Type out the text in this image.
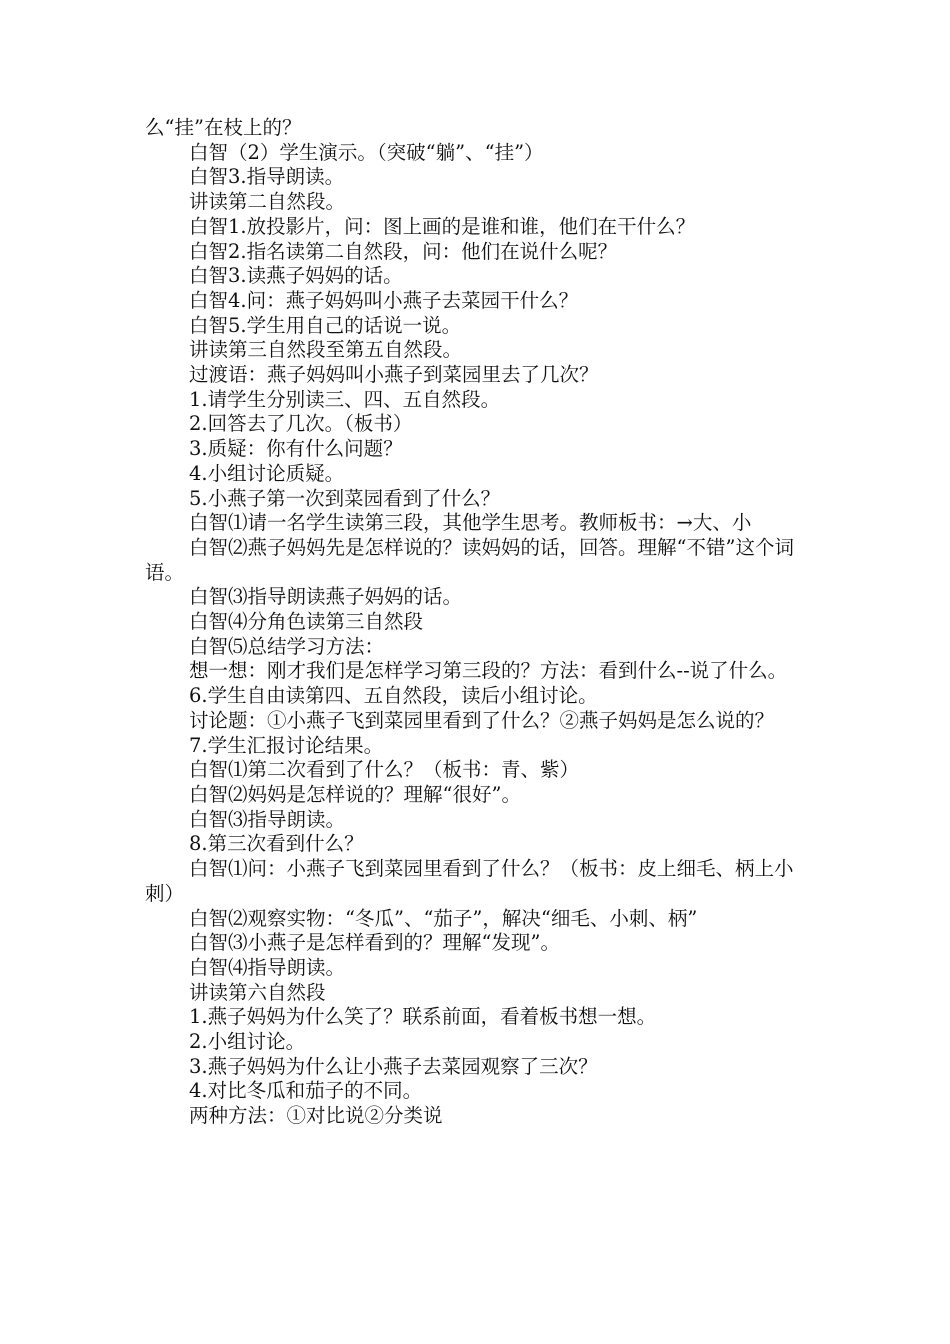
么“挂”在枝上的？

白智（2）学生演示。（突破“躺”、“挂”）

白智3.指导朗读。

讲读第二自然段。

白智1.放投影片，问：图上画的是谁和谁，他们在干什么？

白智2.指名读第二自然段，问：他们在说什么呢？

白智3.读燕子妈妈的话。

白智4.问：燕子妈妈叫小燕子去菜园干什么？

白智5.学生用自己的话说一说。

讲读第三自然段至第五自然段。

过渡语：燕子妈妈叫小燕子到菜园里去了几次？

1.请学生分别读三、四、五自然段。

2.回答去了几次。（板书）

3.质疑：你有什么问题？

4.小组讨论质疑。

5.小燕子第一次到菜园看到了什么？

白智⑴请一名学生读第三段，其他学生思考。教师板书：→大、小

白智⑵燕子妈妈先是怎样说的？读妈妈的话，回答。理解“不错”这个词语。

白智⑶指导朗读燕子妈妈的话。

白智⑷分角色读第三自然段

白智⑸总结学习方法：

想一想：刚才我们是怎样学习第三段的？方法：看到什么--说了什么。

6.学生自由读第四、五自然段，读后小组讨论。

讨论题：①小燕子飞到菜园里看到了什么？②燕子妈妈是怎么说的？

7.学生汇报讨论结果。

白智⑴第二次看到了什么？（板书：青、紫）

白智⑵妈妈是怎样说的？理解“很好”。

白智⑶指导朗读。

8.第三次看到什么？

白智⑴问：小燕子飞到菜园里看到了什么？（板书：皮上细毛、柄上小刺）

白智⑵观察实物：“冬瓜”、“茄子”，解决“细毛、小刺、柄”

白智⑶小燕子是怎样看到的？理解“发现”。

白智⑷指导朗读。

讲读第六自然段

1.燕子妈妈为什么笑了？联系前面，看着板书想一想。

2.小组讨论。

3.燕子妈妈为什么让小燕子去菜园观察了三次？

4.对比冬瓜和茄子的不同。

两种方法：①对比说②分类说
